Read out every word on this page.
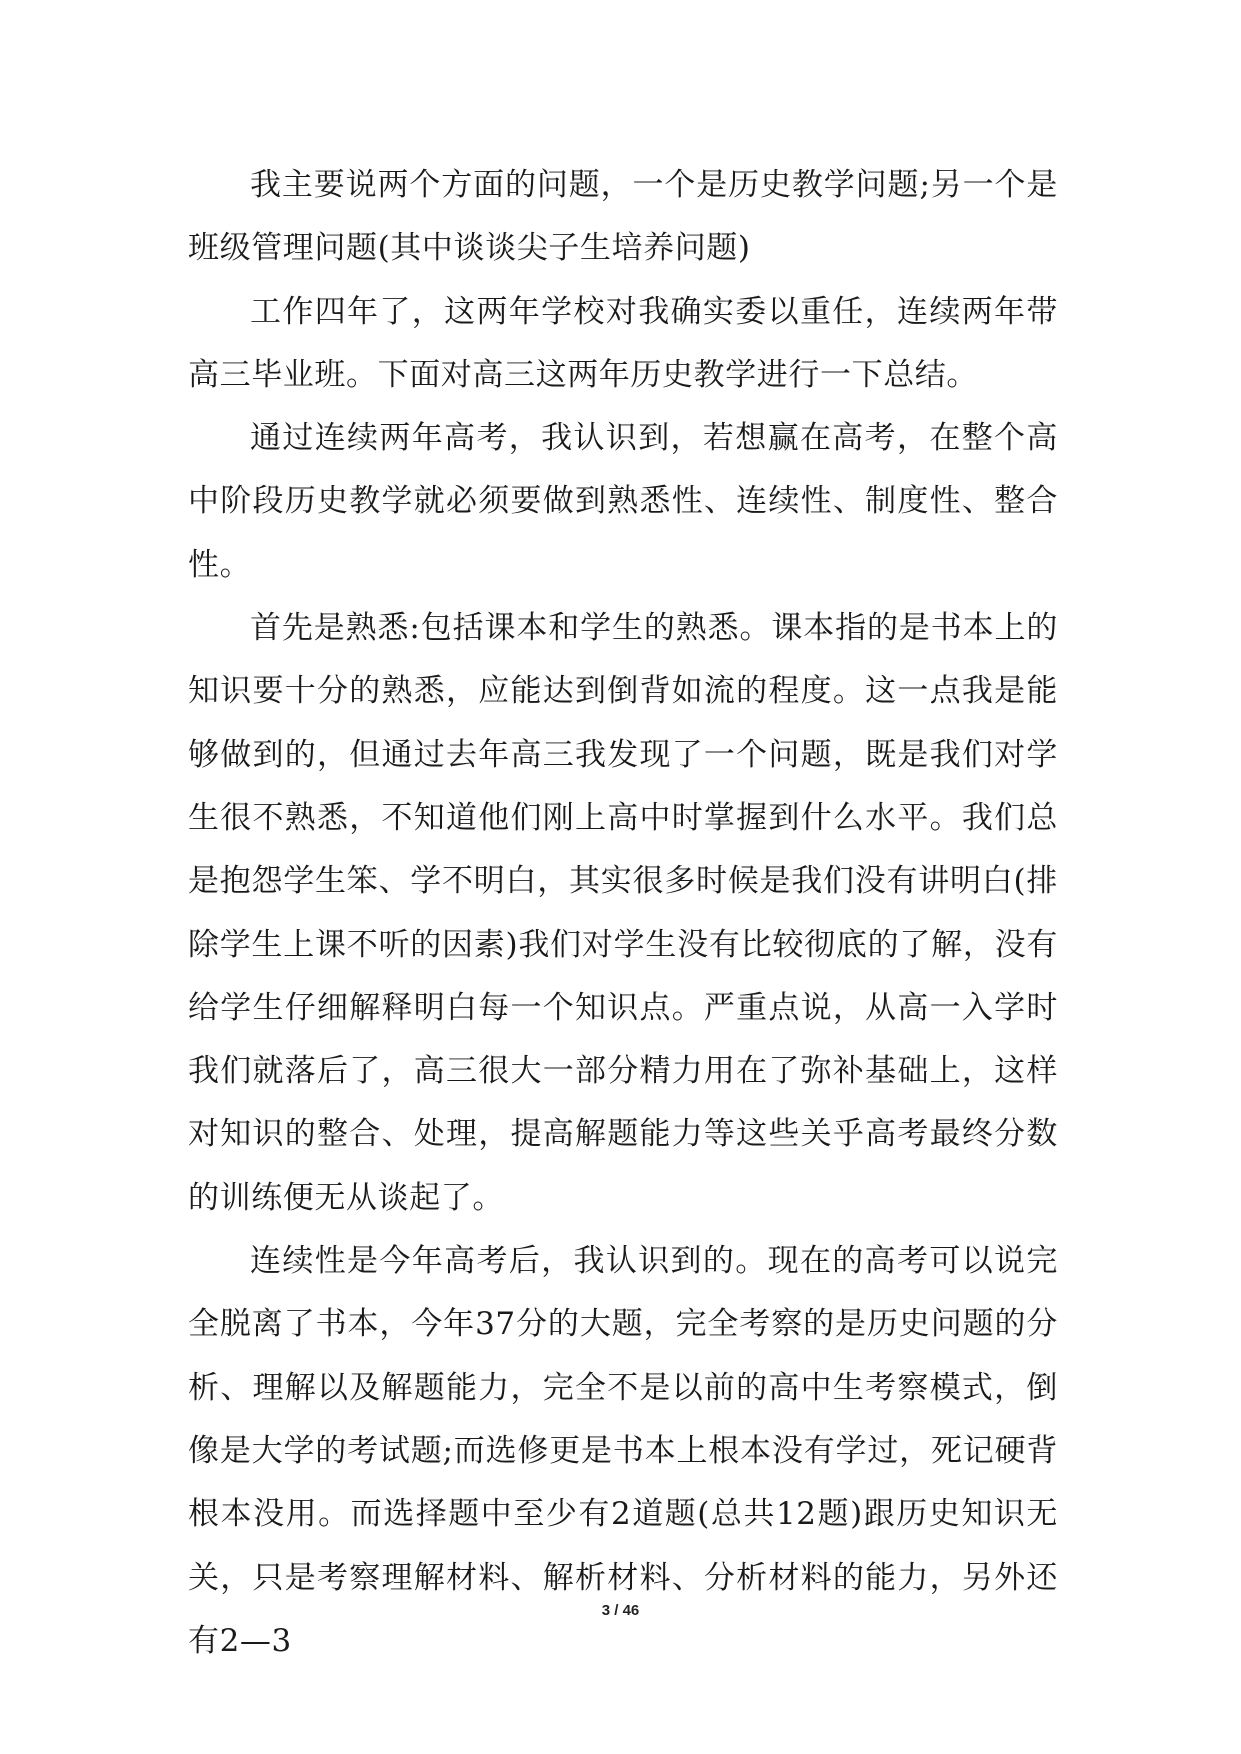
我主要说两个方面的问题，一个是历史教学问题;另一个是班级管理问题(其中谈谈尖子生培养问题)

工作四年了，这两年学校对我确实委以重任，连续两年带高三毕业班。下面对高三这两年历史教学进行一下总结。

通过连续两年高考，我认识到，若想赢在高考，在整个高中阶段历史教学就必须要做到熟悉性、连续性、制度性、整合性。

首先是熟悉:包括课本和学生的熟悉。课本指的是书本上的知识要十分的熟悉，应能达到倒背如流的程度。这一点我是能够做到的，但通过去年高三我发现了一个问题，既是我们对学生很不熟悉，不知道他们刚上高中时掌握到什么水平。我们总是抱怨学生笨、学不明白，其实很多时候是我们没有讲明白(排除学生上课不听的因素)我们对学生没有比较彻底的了解，没有给学生仔细解释明白每一个知识点。严重点说，从高一入学时我们就落后了，高三很大一部分精力用在了弥补基础上，这样对知识的整合、处理，提高解题能力等这些关乎高考最终分数的训练便无从谈起了。

连续性是今年高考后，我认识到的。现在的高考可以说完全脱离了书本，今年37分的大题，完全考察的是历史问题的分析、理解以及解题能力，完全不是以前的高中生考察模式，倒像是大学的考试题;而选修更是书本上根本没有学过，死记硬背根本没用。而选择题中至少有2道题(总共12题)跟历史知识无关，只是考察理解材料、解析材料、分析材料的能力，另外还有2—3

3 / 46
